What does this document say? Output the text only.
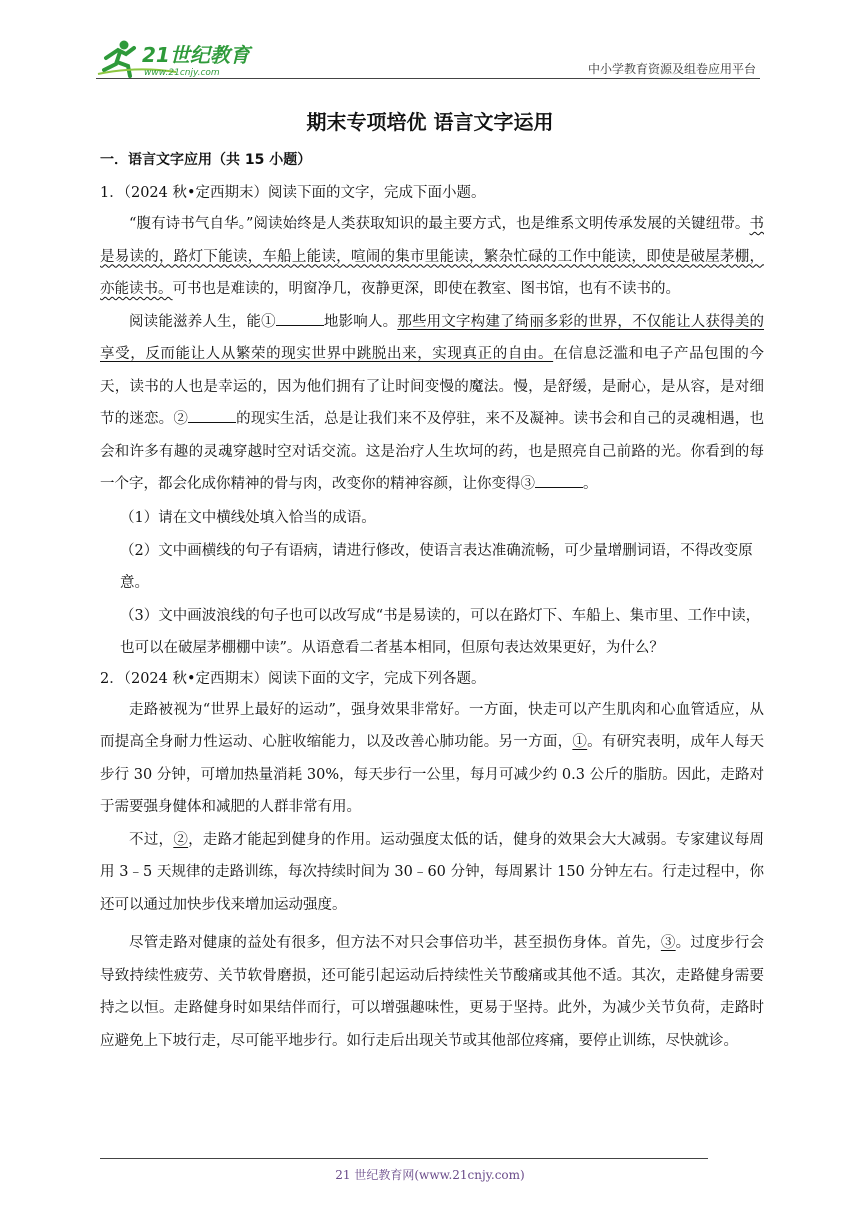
21世纪教育
www.21cnjy.com	中小学教育资源及组卷应用平台
期末专项培优 语言文字运用
一．语言文字应用（共 15 小题）
1．（2024 秋•定西期末）阅读下面的文字，完成下面小题。
“腹有诗书气自华。”阅读始终是人类获取知识的最主要方式，也是维系文明传承发展的关键纽带。书是易读的，路灯下能读，车船上能读，喧闹的集市里能读，繁杂忙碌的工作中能读，即使是破屋茅棚，亦能读书。可书也是难读的，明窗净几，夜静更深，即使在教室、图书馆，也有不读书的。
阅读能滋养人生，能①	地影响人。那些用文字构建了绮丽多彩的世界，不仅能让人获得美的享受，反而能让人从繁荣的现实世界中跳脱出来，实现真正的自由。在信息泛滥和电子产品包围的今天，读书的人也是幸运的，因为他们拥有了让时间变慢的魔法。慢，是舒缓，是耐心，是从容，是对细节的迷恋。②	的现实生活，总是让我们来不及停驻，来不及凝神。读书会和自己的灵魂相遇，也会和许多有趣的灵魂穿越时空对话交流。这是治疗人生坎坷的药，也是照亮自己前路的光。你看到的每一个字，都会化成你精神的骨与肉，改变你的精神容颜，让你变得③	。
（1）请在文中横线处填入恰当的成语。
（2）文中画横线的句子有语病，请进行修改，使语言表达准确流畅，可少量增删词语，不得改变原意。
（3）文中画波浪线的句子也可以改写成“书是易读的，可以在路灯下、车船上、集市里、工作中读，也可以在破屋茅棚棚中读”。从语意看二者基本相同，但原句表达效果更好，为什么？
2．（2024 秋•定西期末）阅读下面的文字，完成下列各题。
走路被视为“世界上最好的运动”，强身效果非常好。一方面，快走可以产生肌肉和心血管适应，从而提高全身耐力性运动、心脏收缩能力，以及改善心肺功能。另一方面，①。有研究表明，成年人每天步行 30 分钟，可增加热量消耗 30%，每天步行一公里，每月可减少约 0.3 公斤的脂肪。因此，走路对于需要强身健体和减肥的人群非常有用。
不过，②，走路才能起到健身的作用。运动强度太低的话，健身的效果会大大减弱。专家建议每周用 3﹣5 天规律的走路训练，每次持续时间为 30﹣60 分钟，每周累计 150 分钟左右。行走过程中，你还可以通过加快步伐来增加运动强度。
尽管走路对健康的益处有很多，但方法不对只会事倍功半，甚至损伤身体。首先，③。过度步行会导致持续性疲劳、关节软骨磨损，还可能引起运动后持续性关节酸痛或其他不适。其次，走路健身需要持之以恒。走路健身时如果结伴而行，可以增强趣味性，更易于坚持。此外，为减少关节负荷，走路时应避免上下坡行走，尽可能平地步行。如行走后出现关节或其他部位疼痛，要停止训练，尽快就诊。
21 世纪教育网(www.21cnjy.com)
